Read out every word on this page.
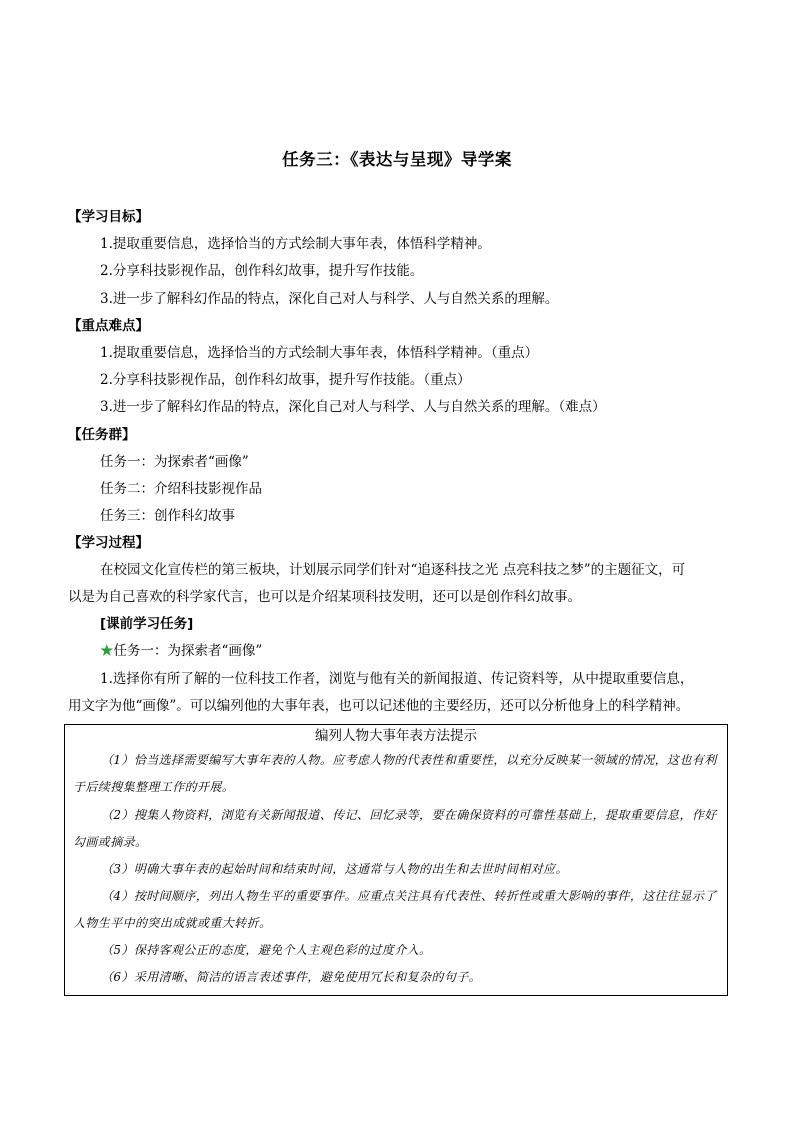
任务三：《表达与呈现》导学案
【学习目标】
1.提取重要信息，选择恰当的方式绘制大事年表，体悟科学精神。
2.分享科技影视作品，创作科幻故事，提升写作技能。
3.进一步了解科幻作品的特点，深化自己对人与科学、人与自然关系的理解。
【重点难点】
1.提取重要信息，选择恰当的方式绘制大事年表，体悟科学精神。（重点）
2.分享科技影视作品，创作科幻故事，提升写作技能。（重点）
3.进一步了解科幻作品的特点，深化自己对人与科学、人与自然关系的理解。（难点）
【任务群】
任务一：为探索者“画像”
任务二：介绍科技影视作品
任务三：创作科幻故事
【学习过程】
在校园文化宣传栏的第三板块，计划展示同学们针对“追逐科技之光 点亮科技之梦”的主题征文，可
以是为自己喜欢的科学家代言，也可以是介绍某项科技发明，还可以是创作科幻故事。
[课前学习任务]
★任务一：为探索者“画像”
1.选择你有所了解的一位科技工作者，浏览与他有关的新闻报道、传记资料等，从中提取重要信息，
用文字为他“画像”。可以编列他的大事年表，也可以记述他的主要经历，还可以分析他身上的科学精神。
编列人物大事年表方法提示
（1）恰当选择需要编写大事年表的人物。应考虑人物的代表性和重要性，以充分反映某一领域的情况，这也有利于后续搜集整理工作的开展。
（2）搜集人物资料，浏览有关新闻报道、传记、回忆录等，要在确保资料的可靠性基础上，提取重要信息，作好勾画或摘录。
（3）明确大事年表的起始时间和结束时间，这通常与人物的出生和去世时间相对应。
（4）按时间顺序，列出人物生平的重要事件。应重点关注具有代表性、转折性或重大影响的事件，这往往显示了人物生平中的突出成就或重大转折。
（5）保持客观公正的态度，避免个人主观色彩的过度介入。
（6）采用清晰、简洁的语言表述事件，避免使用冗长和复杂的句子。
